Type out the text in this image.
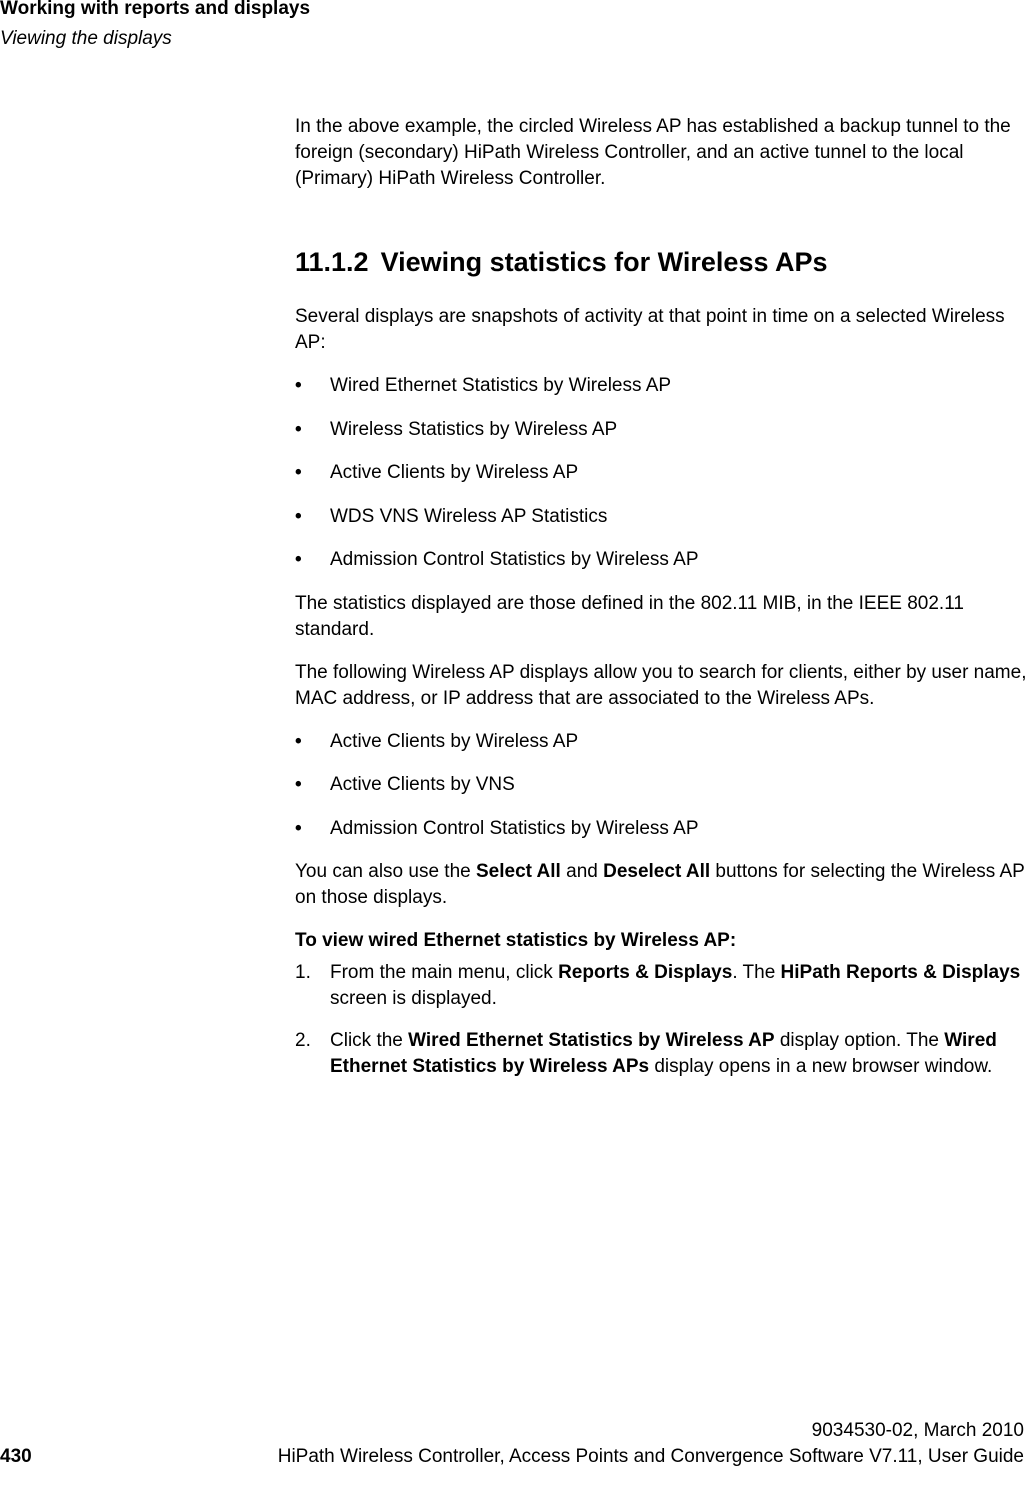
Working with reports and displays
Viewing the displays

In the above example, the circled Wireless AP has established a backup tunnel to the foreign (secondary) HiPath Wireless Controller, and an active tunnel to the local (Primary) HiPath Wireless Controller.

11.1.2 Viewing statistics for Wireless APs

Several displays are snapshots of activity at that point in time on a selected Wireless AP:

• Wired Ethernet Statistics by Wireless AP
• Wireless Statistics by Wireless AP
• Active Clients by Wireless AP
• WDS VNS Wireless AP Statistics
• Admission Control Statistics by Wireless AP

The statistics displayed are those defined in the 802.11 MIB, in the IEEE 802.11 standard.

The following Wireless AP displays allow you to search for clients, either by user name, MAC address, or IP address that are associated to the Wireless APs.

• Active Clients by Wireless AP
• Active Clients by VNS
• Admission Control Statistics by Wireless AP

You can also use the Select All and Deselect All buttons for selecting the Wireless AP on those displays.

To view wired Ethernet statistics by Wireless AP:

1. From the main menu, click Reports & Displays. The HiPath Reports & Displays screen is displayed.
2. Click the Wired Ethernet Statistics by Wireless AP display option. The Wired Ethernet Statistics by Wireless APs display opens in a new browser window.
9034530-02, March 2010
430	HiPath Wireless Controller, Access Points and Convergence Software V7.11, User Guide
